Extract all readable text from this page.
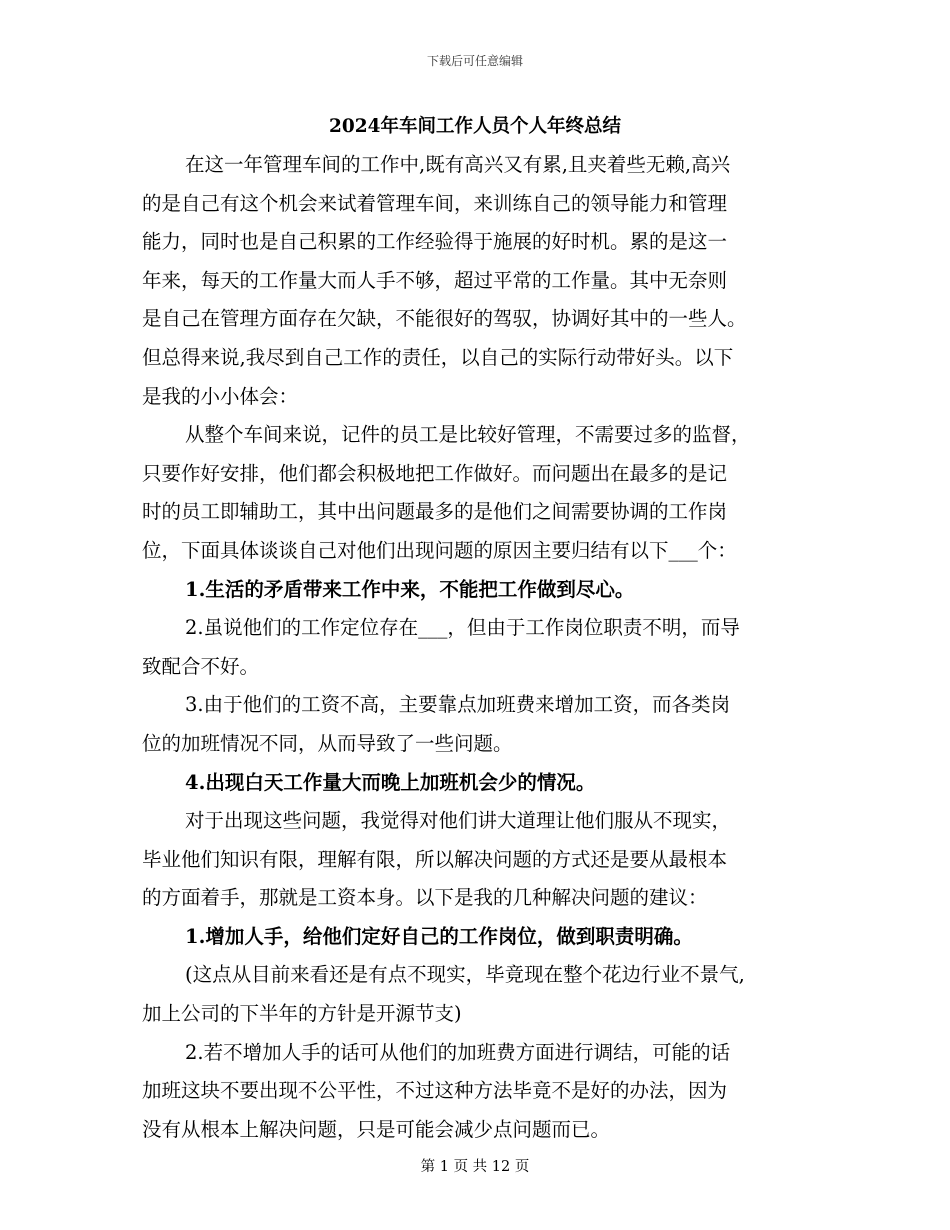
下载后可任意编辑
2024年车间工作人员个人年终总结
在这一年管理车间的工作中,既有高兴又有累,且夹着些无赖,高兴
的是自己有这个机会来试着管理车间，来训练自己的领导能力和管理
能力，同时也是自己积累的工作经验得于施展的好时机。累的是这一
年来，每天的工作量大而人手不够，超过平常的工作量。其中无奈则
是自己在管理方面存在欠缺，不能很好的驾驭，协调好其中的一些人。
但总得来说,我尽到自己工作的责任，以自己的实际行动带好头。以下
是我的小小体会：
从整个车间来说，记件的员工是比较好管理，不需要过多的监督，
只要作好安排，他们都会积极地把工作做好。而问题出在最多的是记
时的员工即辅助工，其中出问题最多的是他们之间需要协调的工作岗
位，下面具体谈谈自己对他们出现问题的原因主要归结有以下___个：
1.生活的矛盾带来工作中来，不能把工作做到尽心。
2.虽说他们的工作定位存在___，但由于工作岗位职责不明，而导
致配合不好。
3.由于他们的工资不高，主要靠点加班费来增加工资，而各类岗
位的加班情况不同，从而导致了一些问题。
4.出现白天工作量大而晚上加班机会少的情况。
对于出现这些问题，我觉得对他们讲大道理让他们服从不现实，
毕业他们知识有限，理解有限，所以解决问题的方式还是要从最根本
的方面着手，那就是工资本身。以下是我的几种解决问题的建议：
1.增加人手，给他们定好自己的工作岗位，做到职责明确。
(这点从目前来看还是有点不现实，毕竟现在整个花边行业不景气,
加上公司的下半年的方针是开源节支)
2.若不增加人手的话可从他们的加班费方面进行调结，可能的话
加班这块不要出现不公平性，不过这种方法毕竟不是好的办法，因为
没有从根本上解决问题，只是可能会减少点问题而已。
第 1 页 共 12 页
